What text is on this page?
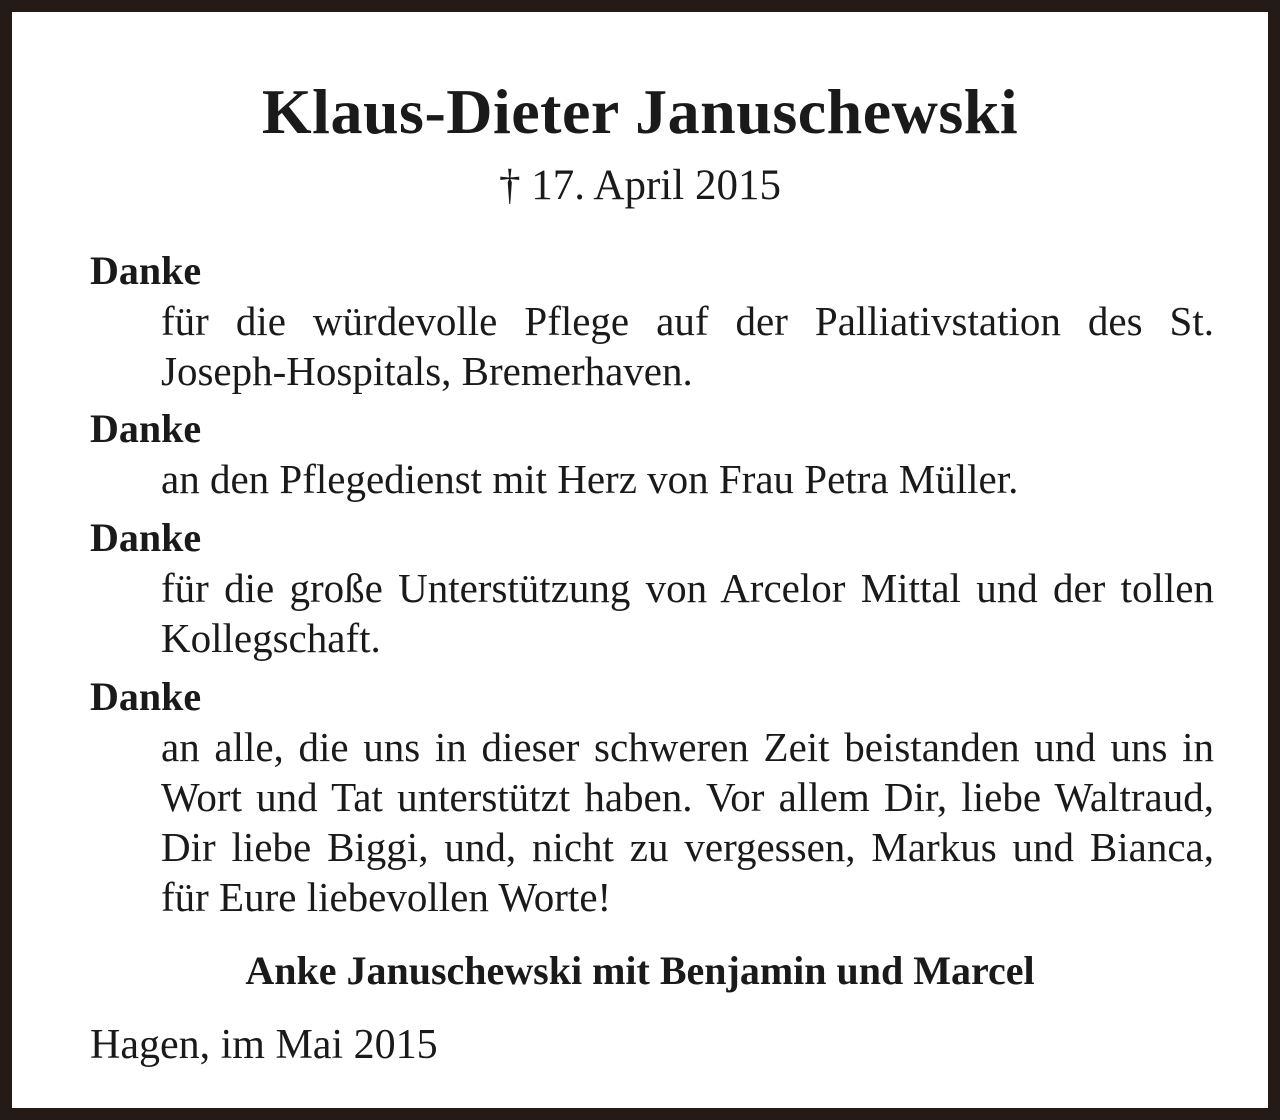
Klaus-Dieter Januschewski
† 17. April 2015

Danke

für die würdevolle Pflege auf der Palliativstation des St. Joseph-Hospitals, Bremerhaven.

Danke

an den Pflegedienst mit Herz von Frau Petra Müller.

Danke

für die große Unterstützung von Arcelor Mittal und der tollen Kollegschaft.

Danke

an alle, die uns in dieser schweren Zeit beistanden und uns in Wort und Tat unterstützt haben. Vor allem Dir, liebe Waltraud, Dir liebe Biggi, und, nicht zu vergessen, Markus und Bianca, für Eure liebevollen Worte!

Anke Januschewski mit Benjamin und Marcel
Hagen, im Mai 2015
